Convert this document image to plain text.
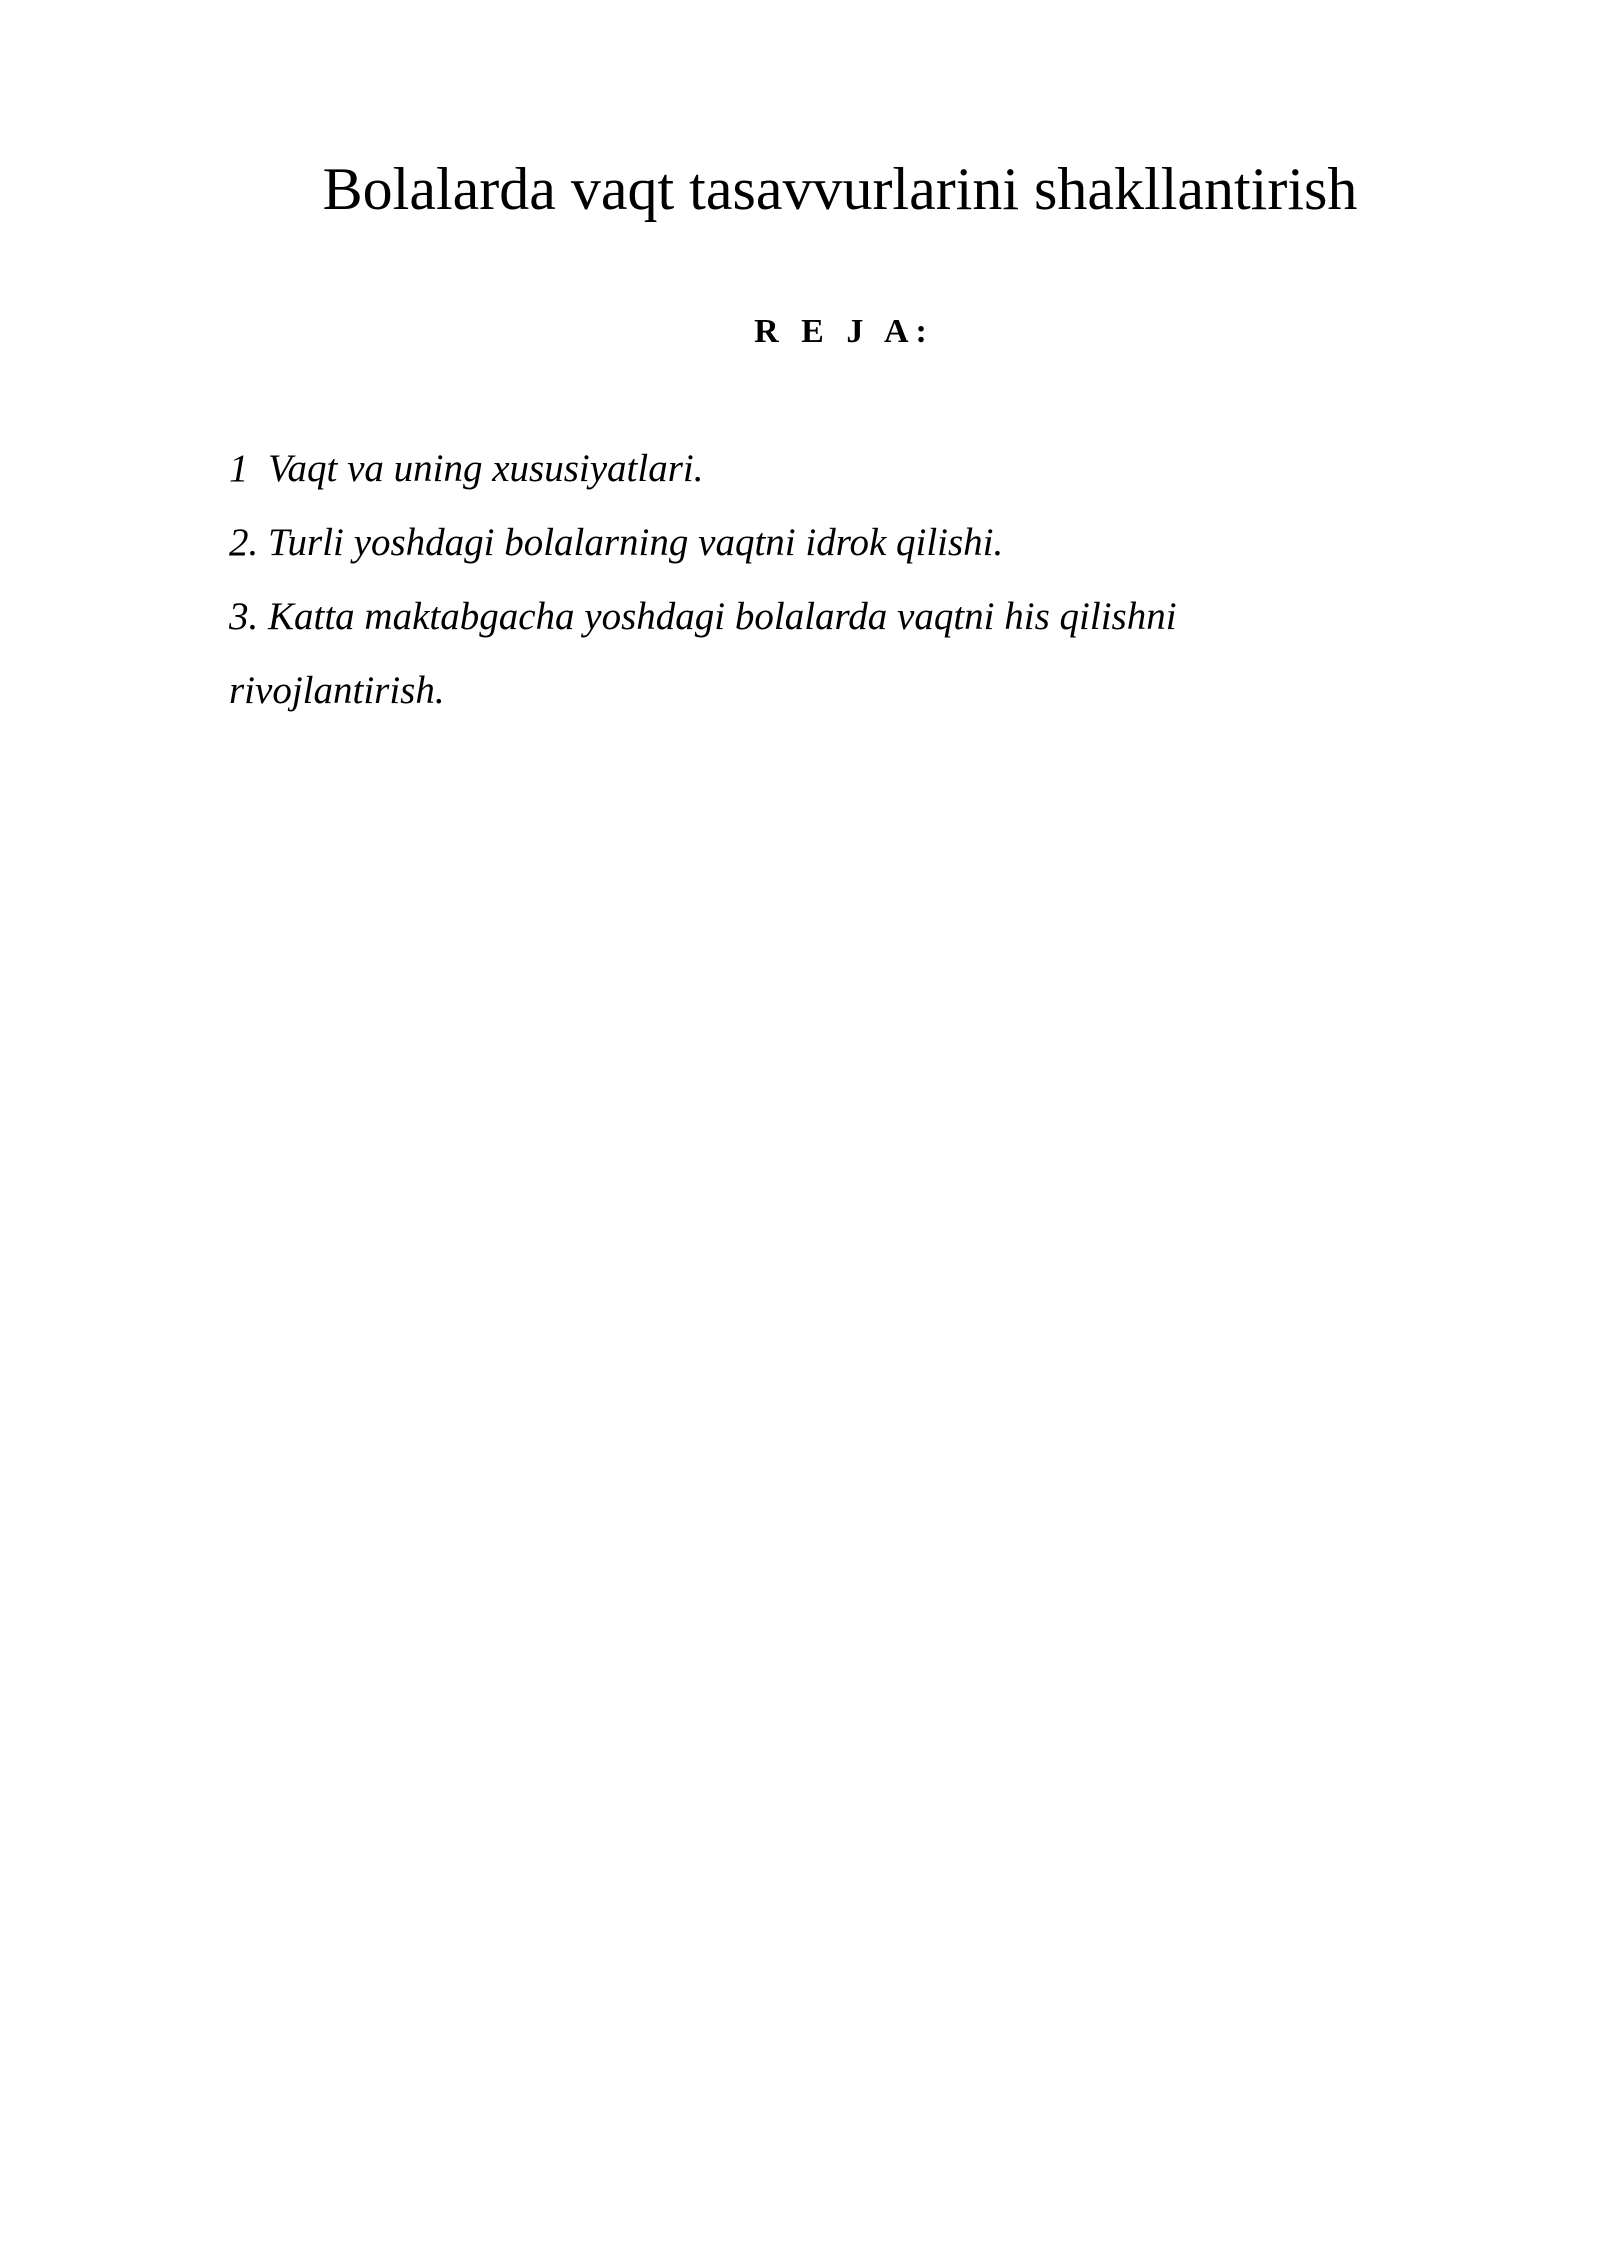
Bolalarda vaqt tasavvurlarini shakllantirish
R E J A:
1 Vaqt va uning xususiyatlari.
2. Turli yoshdagi bolalarning vaqtni idrok qilishi.
3. Katta maktabgacha yoshdagi bolalarda vaqtni his qilishni
rivojlantirish.
